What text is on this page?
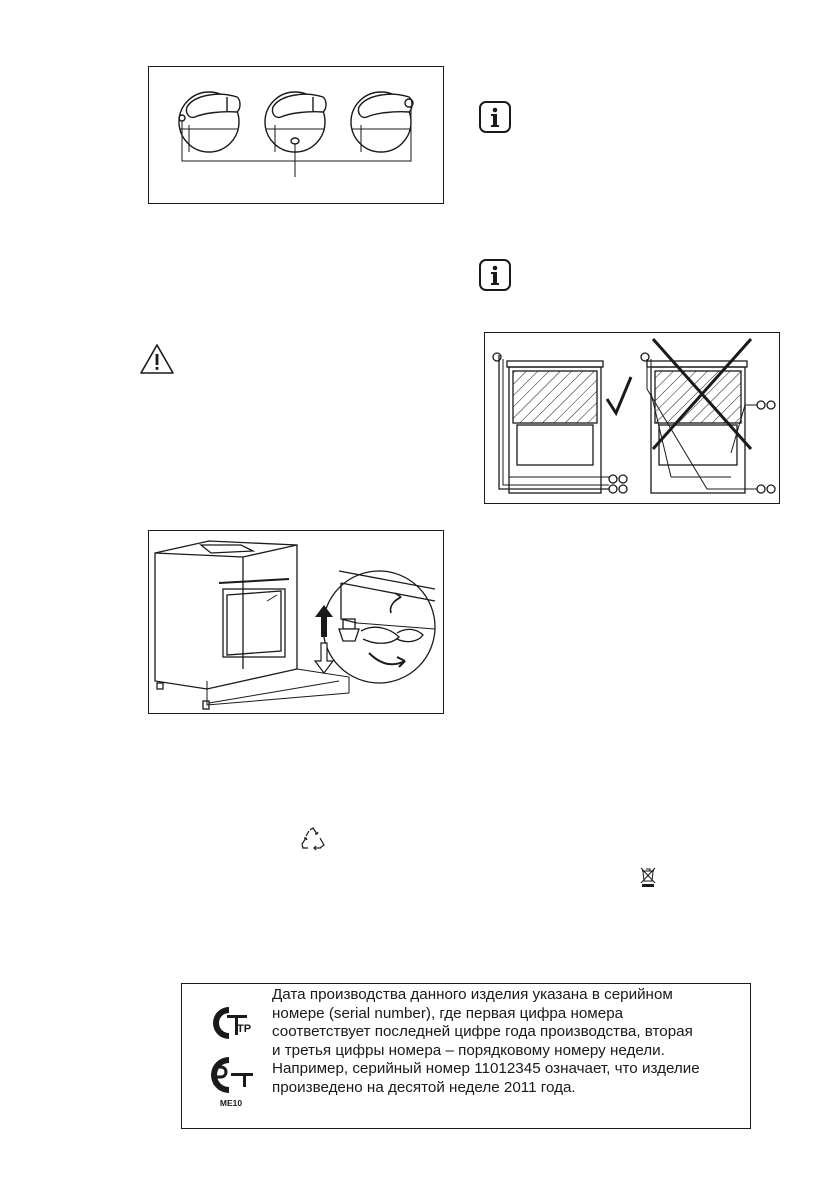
ТР
ME10

Дата производства данного изделия указана в серийном

номере (serial number), где первая цифра номера

соответствует последней цифре года производства, вторая

и третья цифры номера – порядковому номеру недели.

Например, серийный номер 11012345 означает, что изделие

произведено на десятой неделе 2011 года.
